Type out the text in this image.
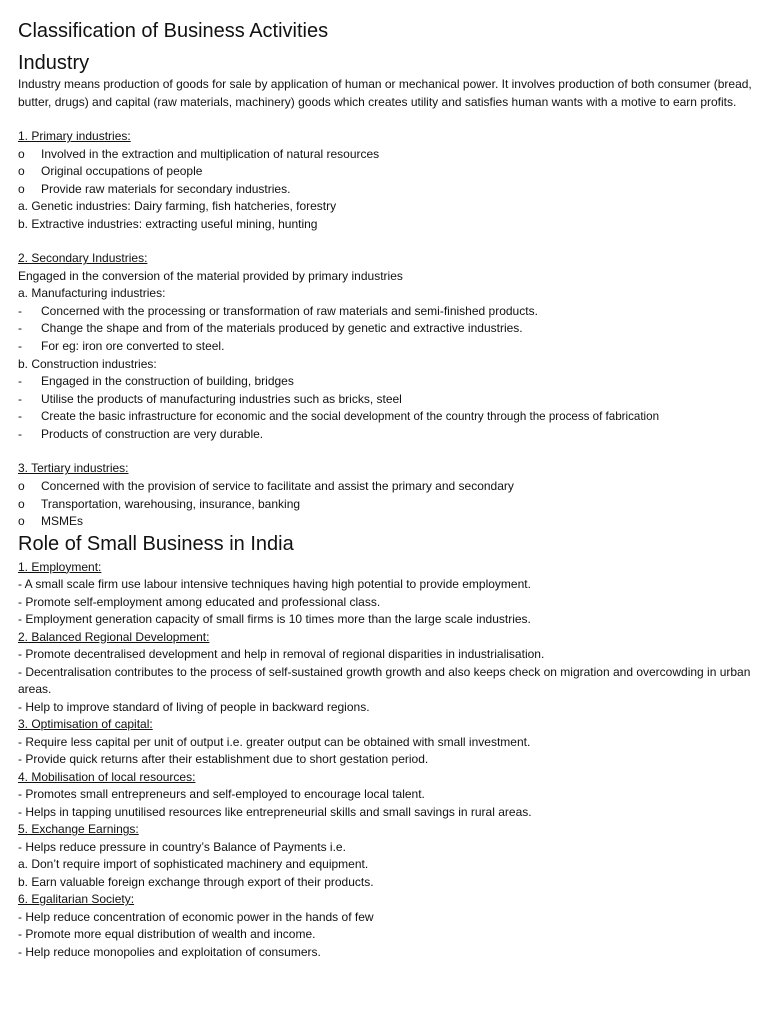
Classification of Business Activities
Industry

Industry means production of goods for sale by application of human or mechanical power. It involves production of both consumer (bread, butter, drugs) and capital (raw materials, machinery) goods which creates utility and satisfies human wants with a motive to earn profits.

1. Primary industries:

o	Involved in the extraction and multiplication of natural resources
o	Original occupations of people
o	Provide raw materials for secondary industries.

a. Genetic industries: Dairy farming, fish hatcheries, forestry

b. Extractive industries: extracting useful mining, hunting

2. Secondary Industries:

Engaged in the conversion of the material provided by primary industries

a. Manufacturing industries:

-	Concerned with the processing or transformation of raw materials and semi-finished products.
-	Change the shape and from of the materials produced by genetic and extractive industries.
-	For eg: iron ore converted to steel.

b. Construction industries:

-	Engaged in the construction of building, bridges
-	Utilise the products of manufacturing industries such as bricks, steel
-	Create the basic infrastructure for economic and the social development of the country through the process of fabrication
-	Products of construction are very durable.

3. Tertiary industries:

o	Concerned with the provision of service to facilitate and assist the primary and secondary
o	Transportation, warehousing, insurance, banking
o	MSMEs
Role of Small Business in India

1. Employment:

- A small scale firm use labour intensive techniques having high potential to provide employment.

- Promote self-employment among educated and professional class.

- Employment generation capacity of small firms is 10 times more than the large scale industries.

2. Balanced Regional Development:

- Promote decentralised development and help in removal of regional disparities in industrialisation.

- Decentralisation contributes to the process of self-sustained growth growth and also keeps check on migration and overcowding in urban areas.

- Help to improve standard of living of people in backward regions.

3. Optimisation of capital:

- Require less capital per unit of output i.e. greater output can be obtained with small investment.

- Provide quick returns after their establishment due to short gestation period.

4. Mobilisation of local resources:

- Promotes small entrepreneurs and self-employed to encourage local talent.

- Helps in tapping unutilised resources like entrepreneurial skills and small savings in rural areas.

5. Exchange Earnings:

- Helps reduce pressure in country’s Balance of Payments i.e.

a. Don’t require import of sophisticated machinery and equipment.

b. Earn valuable foreign exchange through export of their products.

6. Egalitarian Society:

- Help reduce concentration of economic power in the hands of few

- Promote more equal distribution of wealth and income.

- Help reduce monopolies and exploitation of consumers.
